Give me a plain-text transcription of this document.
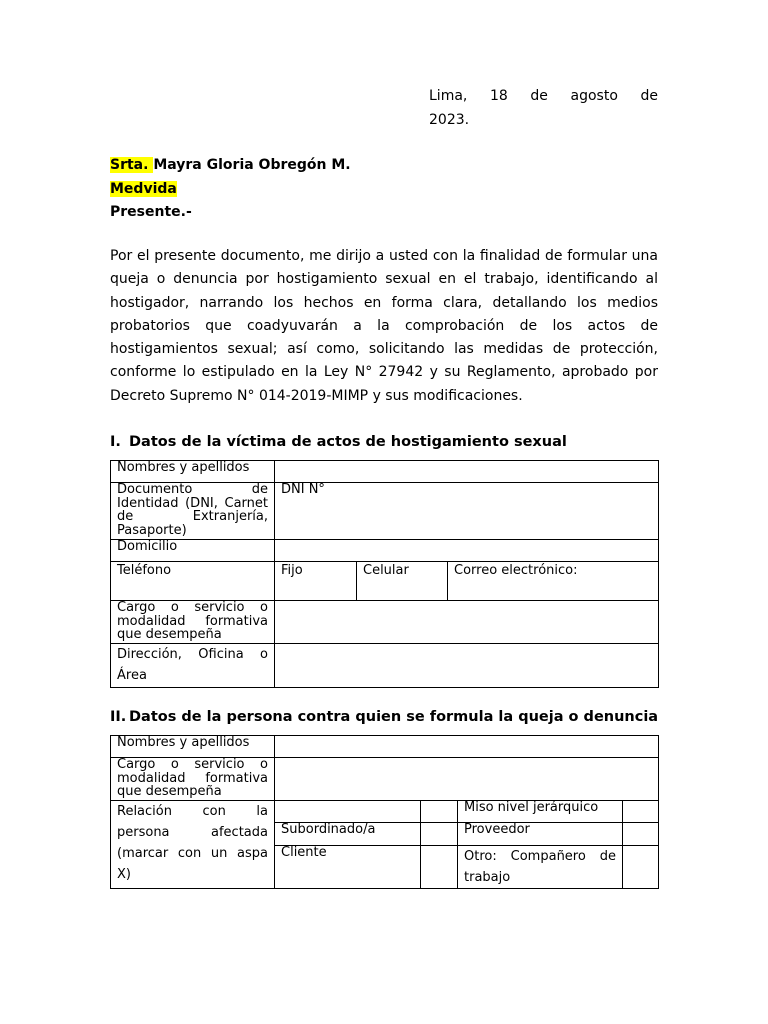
Lima, 18 de agosto de
2023.
Srta. Mayra Gloria Obregón M.
Medvida
Presente.-
Por el presente documento, me dirijo a usted con la finalidad de formular una queja o denuncia por hostigamiento sexual en el trabajo, identificando al hostigador, narrando los hechos en forma clara, detallando los medios probatorios que coadyuvarán a la comprobación de los actos de hostigamientos sexual; así como, solicitando las medidas de protección, conforme lo estipulado en la Ley N° 27942 y su Reglamento, aprobado por Decreto Supremo N° 014-2019-MIMP y sus modificaciones.
I. Datos de la víctima de actos de hostigamiento sexual
Nombres y apellidos			
Documento de Identidad (DNI, Carnet de Extranjería, Pasaporte)	DNI N°		
Domicilio			
Teléfono	Fijo	Celular	Correo electrónico:
Cargo o servicio o modalidad formativa que desempeña			
Dirección, Oficina o Área			
II. Datos de la persona contra quien se formula la queja o denuncia
Nombres y apellidos				
Cargo o servicio o modalidad formativa que desempeña				
Relación con la persona afectada (marcar con un aspa X)			Miso nivel jerárquico	
	Subordinado/a		Proveedor	
	Cliente		Otro: Compañero de trabajo	
